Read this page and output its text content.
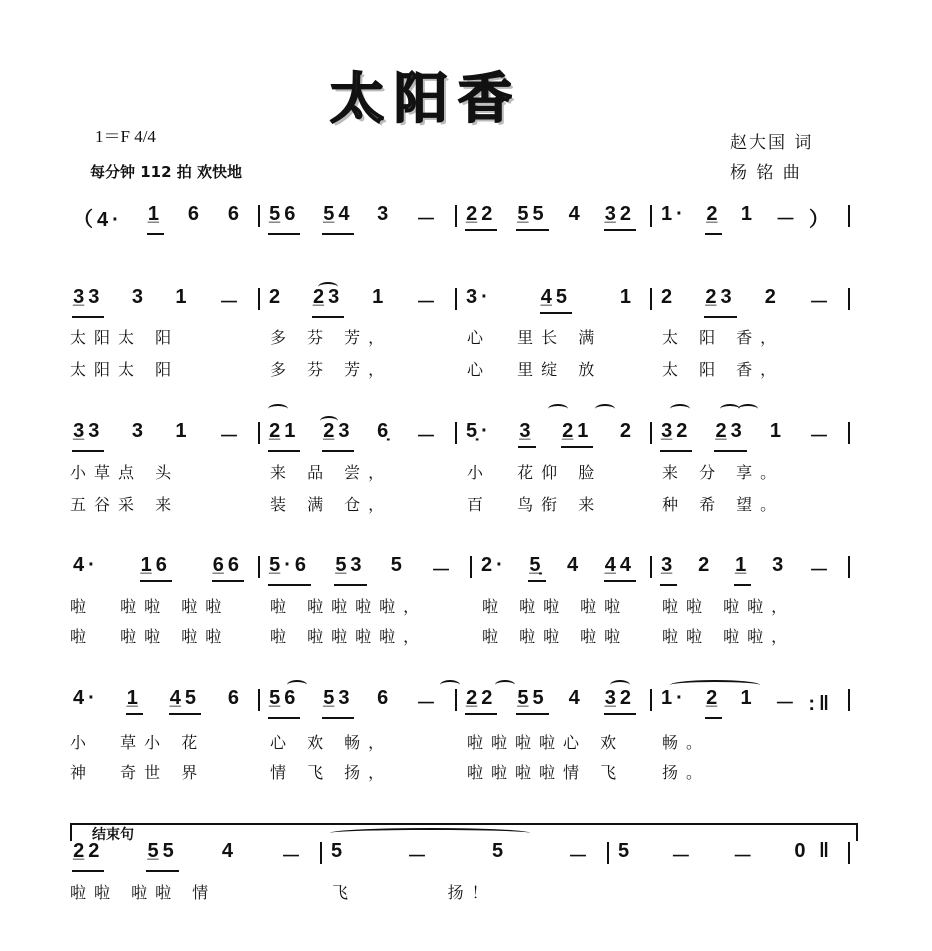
太阳香
1＝F 4/4
每分钟 112 拍 欢快地
赵大国 词
杨 铭 曲
结束句
（4· _1 6 6 _56 _54 3 － _22 _55 4 _32 1· _2 1 － ）
_33 3 1 －
太阳太 阳
太阳太 阳
2 _23 1 －
多 芬 芳，
多 芬 芳，
3· _45 1
心  里长 满
心  里绽 放
2 _23 2 －
太 阳 香，
太 阳 香，
_33 3 1 －
小草点 头
五谷采 来
_21 _23 6̣ －
来 品 尝，
装 满 仓，
5̣· _3 _21 2
小  花仰 脸
百  鸟衔 来
_32 _23 1 －
来 分 享。
种 希 望。
4· _16 _66
啦  啦啦 啦啦
啦  啦啦 啦啦
_5·6 _53 5 －
啦 啦啦啦啦，
啦 啦啦啦啦，
2· _5̣ 4 _44
啦 啦啦 啦啦
啦 啦啦 啦啦
_3 2 _1 3 －
啦啦 啦啦，
啦啦 啦啦，
4· _1 _45 6
小  草小 花
神  奇世 界
_56 _53 6 －
心 欢 畅，
情 飞 扬，
_22 _55 4 _32
啦啦啦啦心 欢
啦啦啦啦情 飞
1· _2 1 － :‖
畅。
扬。
_22 _55 4 －
啦啦 啦啦 情
5	－	5	－
飞       扬！
5 － － 0 ‖
